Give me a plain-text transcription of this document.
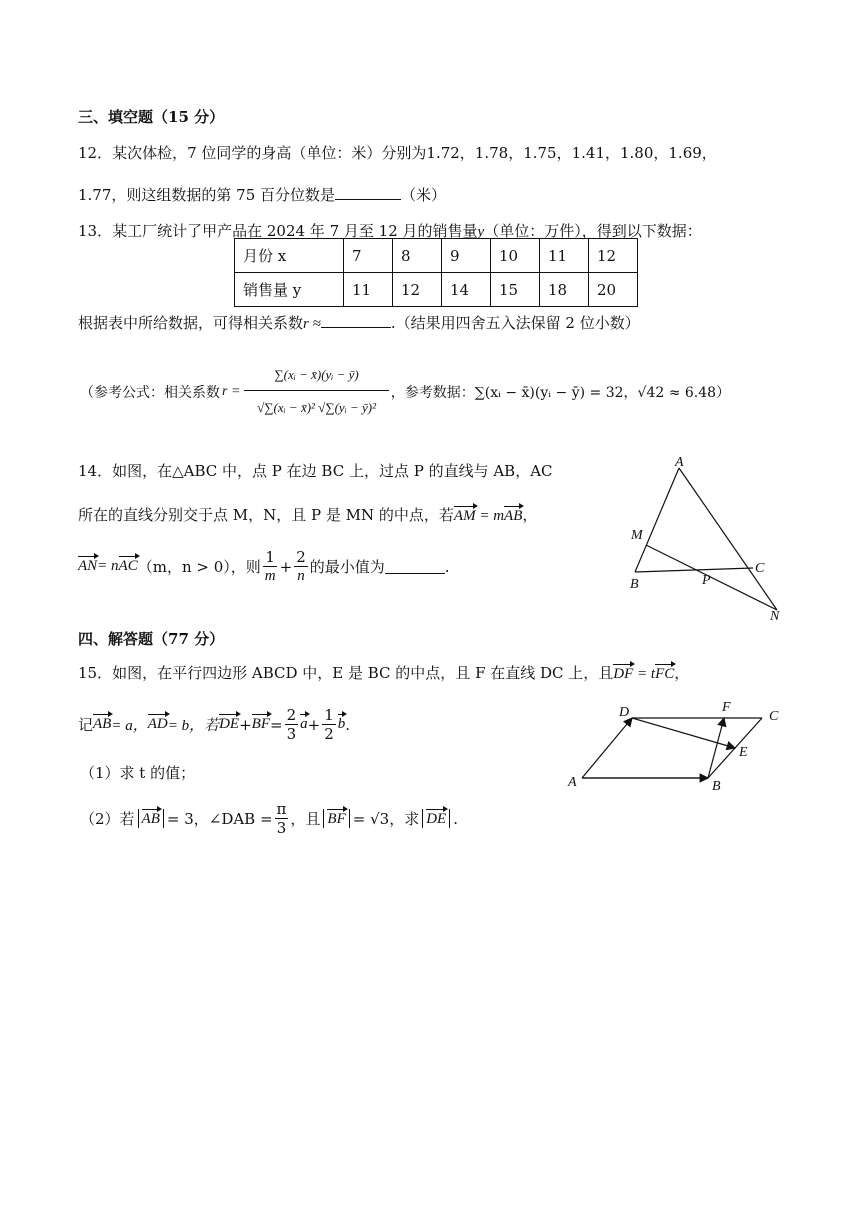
三、填空题（15 分）
12．某次体检，7 位同学的身高（单位：米）分别为1.72，1.78，1.75，1.41，1.80，1.69，
1.77，则这组数据的第 75 百分位数是	（米）
13．某工厂统计了甲产品在 2024 年 7 月至 12 月的销售量y（单位：万件），得到以下数据：
月份 x	7	8	9	10	11	12
销售量 y	11	12	14	15	18	20
根据表中所给数据，可得相关系数r ≈	.（结果用四舍五入法保留 2 位小数）
（参考公式：相关系数 $r = \frac{\text{∑(xᵢ − x̄)(yᵢ − ȳ)}}{\text{√∑(xᵢ − x̄)² √∑(yᵢ − ȳ)²}}$ ，参考数据：∑(xᵢ − x̄)(yᵢ − ȳ) = 32，√42 ≈ 6.48）
14．如图，在△ABC 中，点 P 在边 BC 上，过点 P 的直线与 AB，AC
所在的直线分别交于点 M，N，且 P 是 MN 的中点，若AM = mAB，
AN = n AC （m，n > 0），则 $\frac{1}{m} + \frac{2}{n}$ 的最小值为	.
A
B
C
M
P
N
四、解答题（77 分）
15．如图，在平行四边形 ABCD 中，E 是 BC 的中点，且 F 在直线 DC 上，且DF = tFC，
记 AB = a， AD = b，若 DE + BF = $\frac{2}{3}$ $a + \frac{1}{2}$ b .
（1）求 t 的值；
（2）若 AB = 3，∠DAB = $\frac{\pi}{3}$ ，且 BF = √3，求 DE .
A	B
C
D
E
F
